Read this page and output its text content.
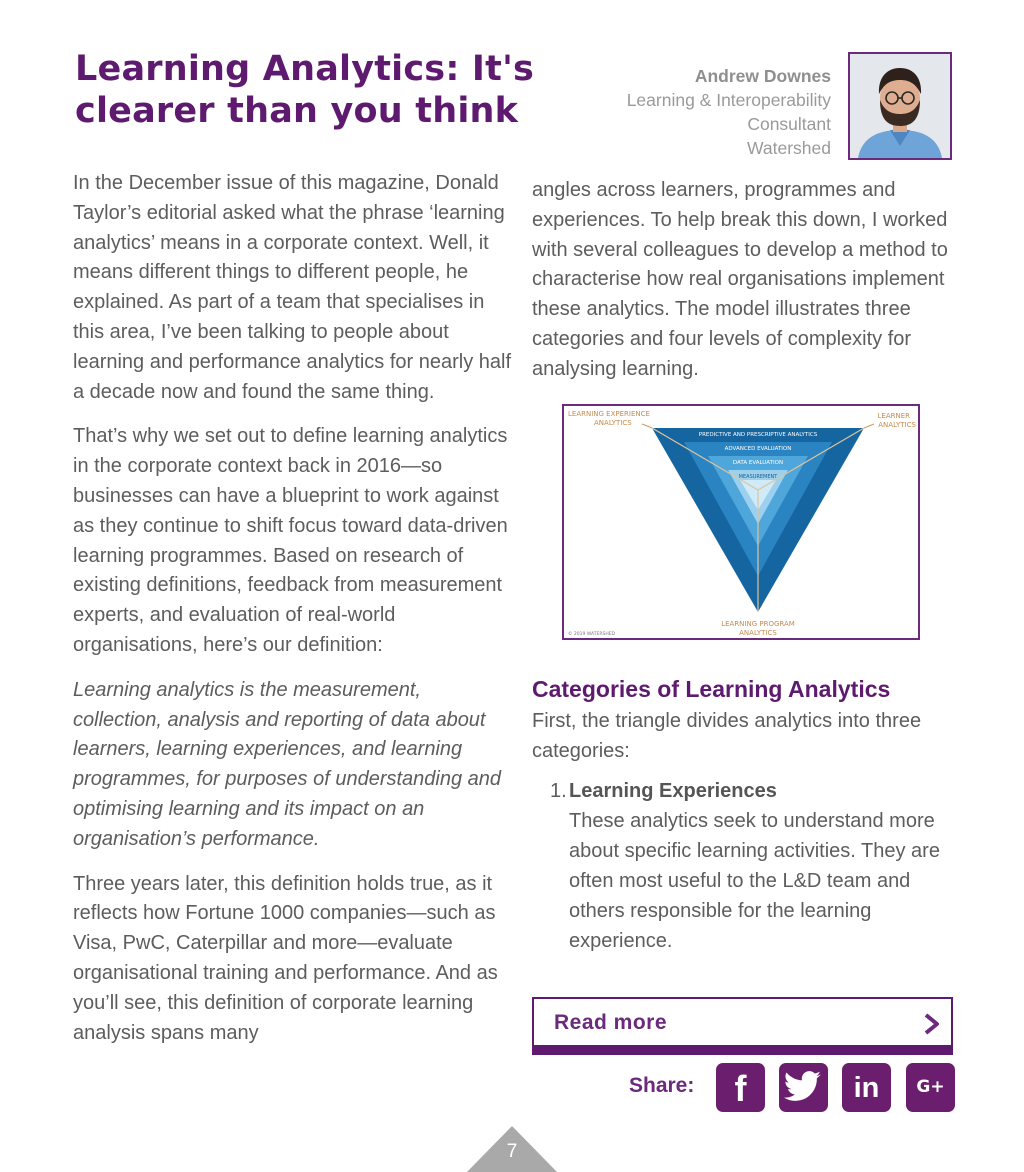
Learning Analytics: It's clearer than you think
Andrew Downes
Learning & Interoperability
Consultant
Watershed

In the December issue of this magazine, Donald Taylor’s editorial asked what the phrase ‘learning analytics’ means in a corporate context. Well, it means different things to different people, he explained. As part of a team that specialises in this area, I’ve been talking to people about learning and performance analytics for nearly half a decade now and found the same thing.

That’s why we set out to define learning analytics in the corporate context back in 2016—so businesses can have a blueprint to work against as they continue to shift focus toward data-driven learning programmes. Based on research of existing definitions, feedback from measurement experts, and evaluation of real-world organisations, here’s our definition:

Learning analytics is the measurement, collection, analysis and reporting of data about learners, learning experiences, and learning programmes, for purposes of understanding and optimising learning and its impact on an organisation’s performance.

Three years later, this definition holds true, as it reflects how Fortune 1000 companies—such as Visa, PwC, Caterpillar and more—evaluate organisational training and performance. And as you’ll see, this definition of corporate learning analysis spans many

angles across learners, programmes and experiences. To help break this down, I worked with several colleagues to develop a method to characterise how real organisations implement these analytics. The model illustrates three categories and four levels of complexity for analysing learning.

PREDICTIVE AND PRESCRIPTIVE ANALYTICS
ADVANCED EVALUATION
DATA EVALUATION
MEASUREMENT
LEARNING EXPERIENCE
ANALYTICS
LEARNER
ANALYTICS
LEARNING PROGRAM
ANALYTICS
© 2019 WATERSHED
Categories of Learning Analytics
First, the triangle divides analytics into three categories:
1. Learning Experiences
These analytics seek to understand more about specific learning activities. They are often most useful to the L&D team and others responsible for the learning experience.
Read more
Share:	f	in	G+
7
